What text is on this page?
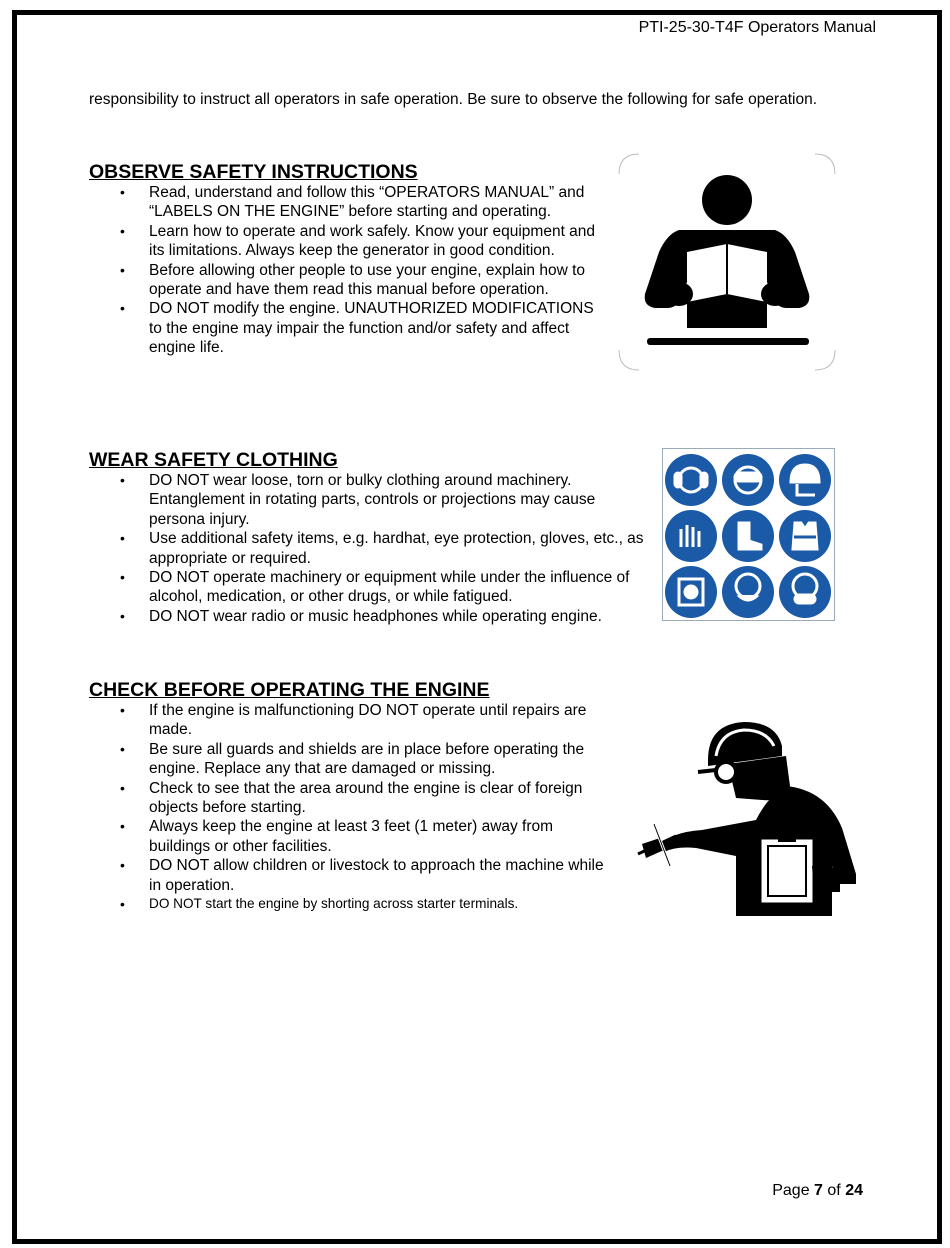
PTI-25-30-T4F Operators Manual
responsibility to instruct all operators in safe operation. Be sure to observe the following for safe operation.
OBSERVE SAFETY INSTRUCTIONS
• Read, understand and follow this “OPERATORS MANUAL” and “LABELS ON THE ENGINE” before starting and operating.
• Learn how to operate and work safely. Know your equipment and its limitations. Always keep the generator in good condition.
• Before allowing other people to use your engine, explain how to operate and have them read this manual before operation.
• DO NOT modify the engine. UNAUTHORIZED MODIFICATIONS to the engine may impair the function and/or safety and affect engine life.
WEAR SAFETY CLOTHING
• DO NOT wear loose, torn or bulky clothing around machinery. Entanglement in rotating parts, controls or projections may cause persona injury.
• Use additional safety items, e.g. hardhat, eye protection, gloves, etc., as appropriate or required.
• DO NOT operate machinery or equipment while under the influence of alcohol, medication, or other drugs, or while fatigued.
• DO NOT wear radio or music headphones while operating engine.
CHECK BEFORE OPERATING THE ENGINE
• If the engine is malfunctioning DO NOT operate until repairs are made.
• Be sure all guards and shields are in place before operating the engine. Replace any that are damaged or missing.
• Check to see that the area around the engine is clear of foreign objects before starting.
• Always keep the engine at least 3 feet (1 meter) away from buildings or other facilities.
• DO NOT allow children or livestock to approach the machine while in operation.
• DO NOT start the engine by shorting across starter terminals.
Page 7 of 24
